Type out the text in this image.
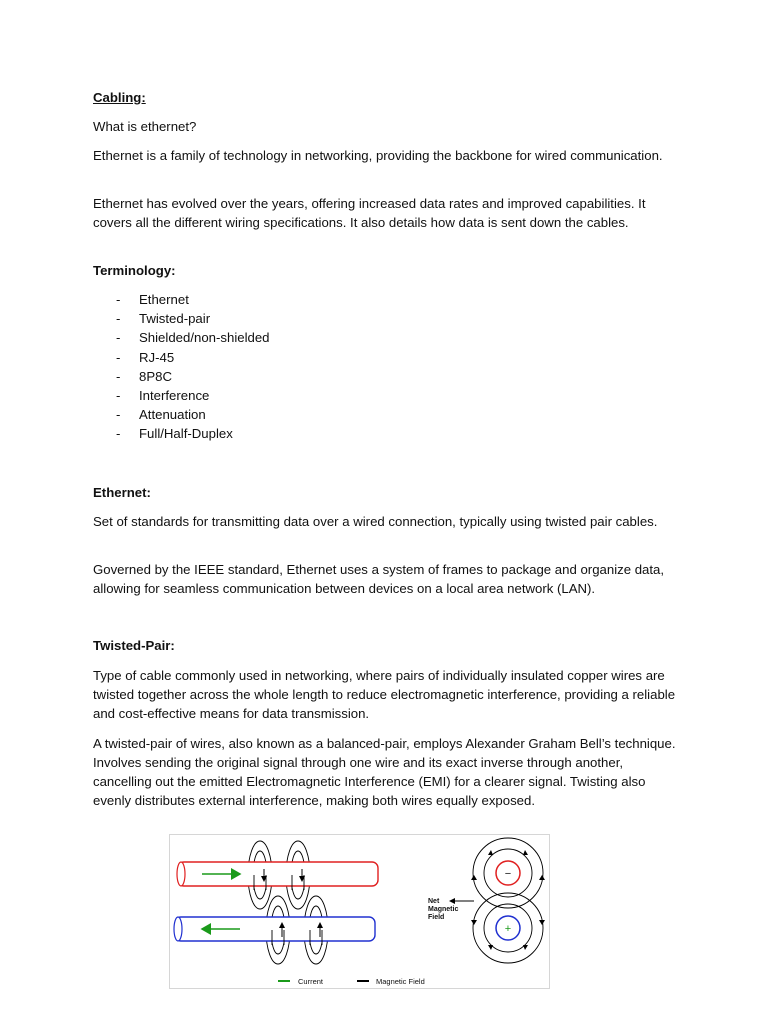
Cabling:

What is ethernet?

Ethernet is a family of technology in networking, providing the backbone for wired communication.

Ethernet has evolved over the years, offering increased data rates and improved capabilities. It covers all the different wiring specifications. It also details how data is sent down the cables.

Terminology:

-	Ethernet
-	Twisted-pair
-	Shielded/non-shielded
-	RJ-45
-	8P8C
-	Interference
-	Attenuation
-	Full/Half-Duplex

Ethernet:

Set of standards for transmitting data over a wired connection, typically using twisted pair cables.

Governed by the IEEE standard, Ethernet uses a system of frames to package and organize data, allowing for seamless communication between devices on a local area network (LAN).

Twisted-Pair:

Type of cable commonly used in networking, where pairs of individually insulated copper wires are twisted together across the whole length to reduce electromagnetic interference, providing a reliable and cost-effective means for data transmission.

A twisted-pair of wires, also known as a balanced-pair, employs Alexander Graham Bell’s technique. Involves sending the original signal through one wire and its exact inverse through another, cancelling out the emitted Electromagnetic Interference (EMI) for a clearer signal. Twisting also evenly distributes external interference, making both wires equally exposed.

−
+
Net
Magnetic
Field
Current	Magnetic Field
